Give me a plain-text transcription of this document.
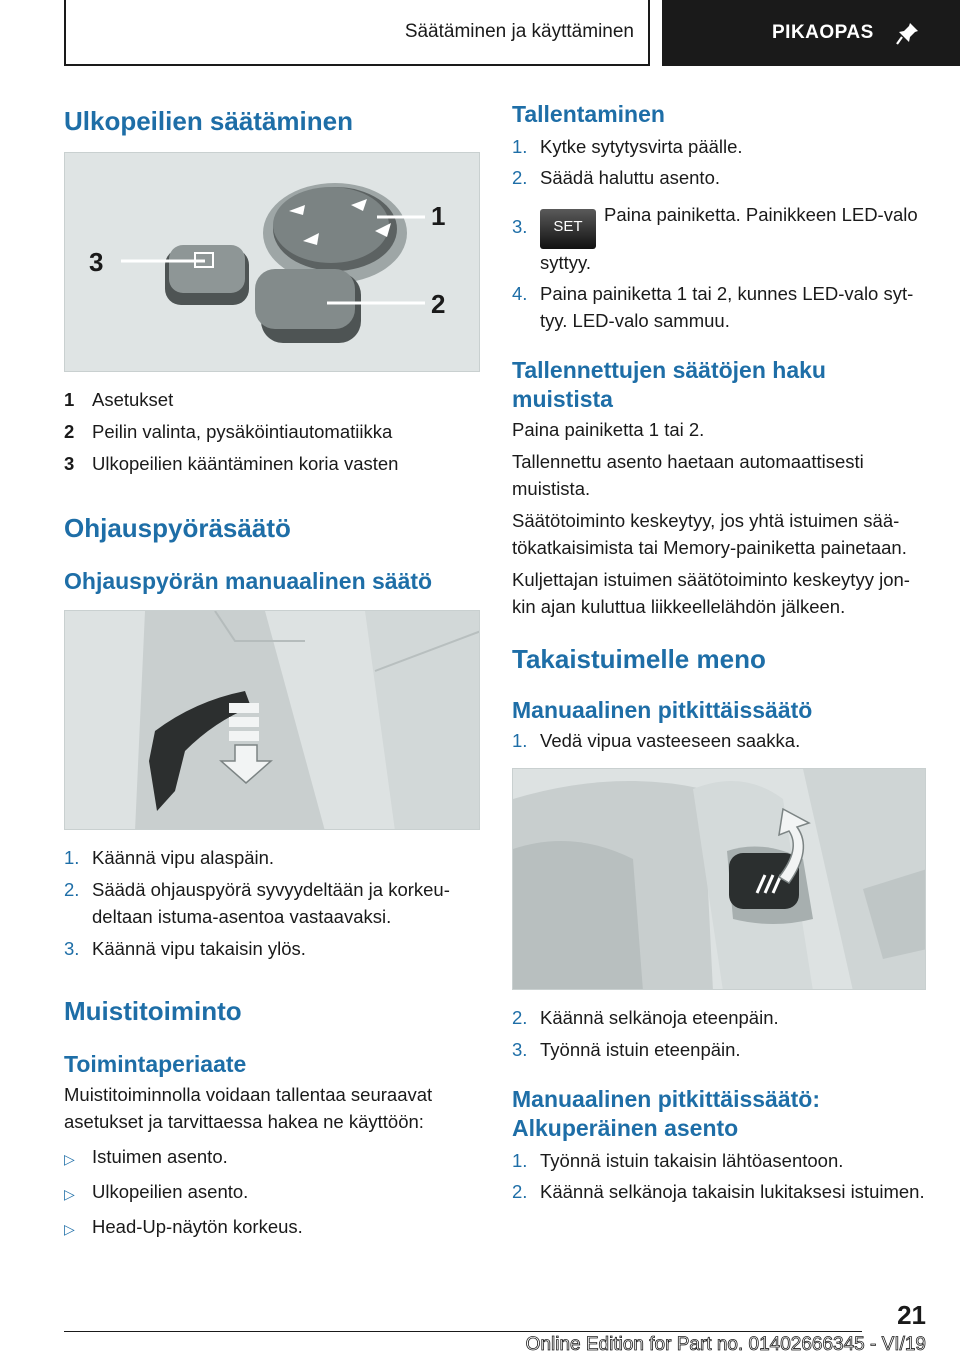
Säätäminen ja käyttäminen	PIKAOPAS
Ulkopeilien säätäminen
3
1
2
1 Asetukset
2 Peilin valinta, pysäköintiautomatiikka
3 Ulkopeilien kääntäminen koria vasten
Ohjauspyöräsäätö
Ohjauspyörän manuaalinen säätö
1. Käännä vipu alaspäin.
2. Säädä ohjauspyörä syvyydeltään ja korkeudeltaan istuma-asentoa vastaavaksi.
3. Käännä vipu takaisin ylös.
Muistitoiminto
Toimintaperiaate

Muistitoiminnolla voidaan tallentaa seuraavat asetukset ja tarvittaessa hakea ne käyttöön:

▷ Istuimen asento.
▷ Ulkopeilien asento.
▷ Head-Up-näytön korkeus.
Tallentaminen
1. Kytke sytytysvirta päälle.
2. Säädä haluttu asento.
3.	SETPaina painiketta. Painikkeen LED-valo syttyy.
4. Paina painiketta 1 tai 2, kunnes LED-valo syttyy. LED-valo sammuu.
Tallennettujen säätöjen haku muistista

Paina painiketta 1 tai 2.

Tallennettu asento haetaan automaattisesti muistista.

Säätötoiminto keskeytyy, jos yhtä istuimen säätökatkaisimista tai Memory-painiketta painetaan.

Kuljettajan istuimen säätötoiminto keskeytyy jonkin ajan kuluttua liikkeellelähdön jälkeen.

Takaistuimelle meno
Manuaalinen pitkittäissäätö
1. Vedä vipua vasteeseen saakka.
2. Käännä selkänoja eteenpäin.
3. Työnnä istuin eteenpäin.
Manuaalinen pitkittäissäätö: Alkuperäinen asento
1. Työnnä istuin takaisin lähtöasentoon.
2. Käännä selkänoja takaisin lukitaksesi istuimen.
21
Online Edition for Part no. 01402666345 - VI/19
